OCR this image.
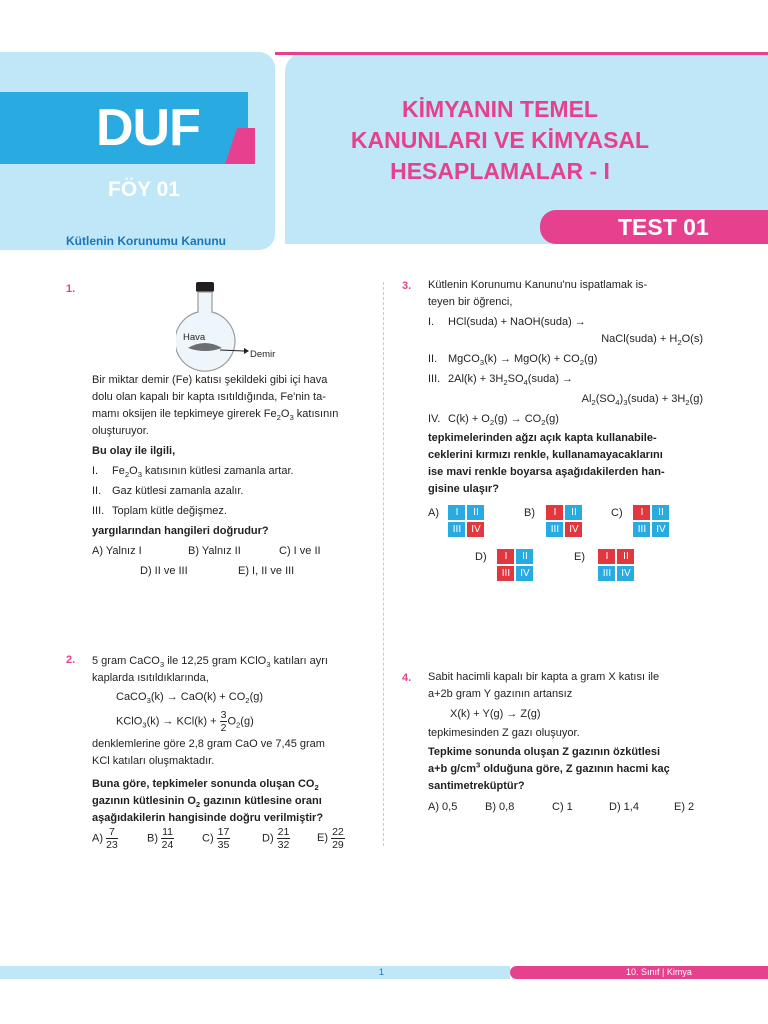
DUF
FÖY 01
KİMYANIN TEMEL
KANUNLARI VE KİMYASAL
HESAPLAMALAR - I
TEST 01
Kütlenin Korunumu Kanunu
1.
Hava
Demir
Bir miktar demir (Fe) katısı şekildeki gibi içi hava
dolu olan kapalı bir kapta ısıtıldığında, Fe'nin ta-
mamı oksijen ile tepkimeye girerek $Fe_2O_3$ katısının
oluşturuyor.
Bu olay ile ilgili,
I. $Fe_2O_3$ katısının kütlesi zamanla artar.
II. Gaz kütlesi zamanla azalır.
III. Toplam kütle değişmez.
yargılarından hangileri doğrudur?
A) Yalnız I	B) Yalnız II	C) I ve II
D) II ve III	E) I, II ve III
2. 5 gram CaCO$_3$ ile 12,25 gram KClO$_3$ katıları ayrı
kaplarda ısıtıldıklarında,
CaCO$_3$(k) → $CaO(k) + CO_2(g)$
KClO$_3$(k) → $KCl(k) + \frac{3}{2} O_2(g)$
denklemlerine göre 2,8 gram CaO ve 7,45 gram
KCl katıları oluşmaktadır.
Buna göre, tepkimeler sonunda oluşan $CO_2$
gazının kütlesinin $O_2$ gazının kütlesine oranı
aşağıdakilerin hangisinde doğru verilmiştir?
$A) \frac{7}{23}$	$B) \frac{11}{24}$	$C) \frac{17}{35}$	$D) \frac{21}{32} E) \frac{22}{29}$
3. Kütlenin Korunumu Kanunu'nu ispatlamak is-
teyen bir öğrenci,
I. HCl(suda) + NaOH(suda) →
NaCl(suda) + $H_2O(s)$
II. MgCO$_3$(k) → $MgO(k) + CO_2(g)$
III. $2Al(k) + 3H_2SO_4(suda)$ →
$Al_2(SO_4)_3(suda) + 3H_2(g)$
IV. $C(k) + O_2(g) \to CO_2(g)$
tepkimelerinden ağzı açık kapta kullanabile-
ceklerini kırmızı renkle, kullanamayacaklarını
ise mavi renkle boyarsa aşağıdakilerden han-
gisine ulaşır?
A)	I	II
III	IV
B)	I	II
III	IV
C)	I	II
III	IV
D)	I	II
III	IV
E)	I	II
III	IV
4. Sabit hacimli kapalı bir kapta a gram X katısı ile
a+2b gram Y gazının artansız
X(k) + Y(g) → Z(g)
tepkimesinden Z gazı oluşuyor.
Tepkime sonunda oluşan Z gazının özkütlesi
a+b $g/cm^3$ olduğuna göre, Z gazının hacmi kaç
santimetreküptür?
A) 0,5	B) 0,8	C) 1	D) 1,4	E) 2
1	10. Sınıf | Kimya
